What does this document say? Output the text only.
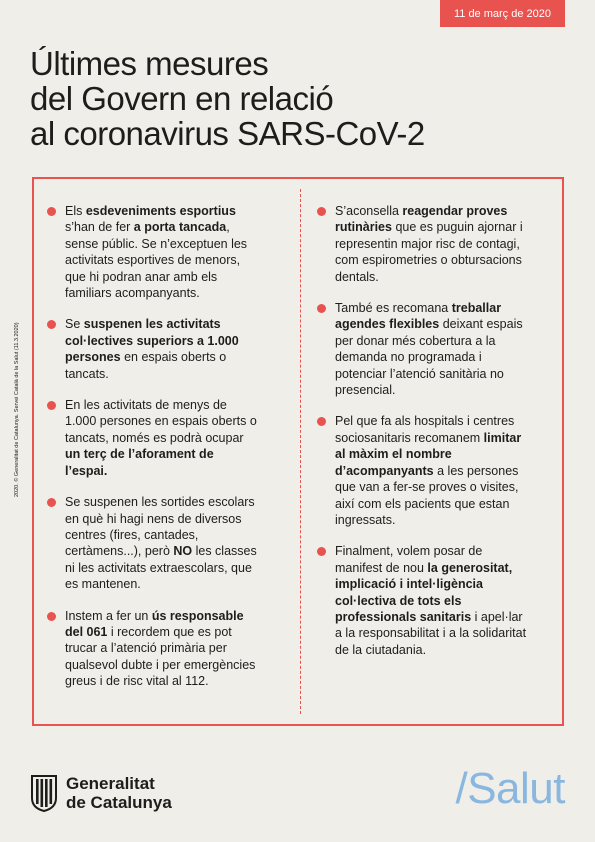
11 de març de 2020
Últimes mesures
del Govern en relació
al coronavirus SARS-CoV-2
Els esdeveniments esportius s’han de fer a porta tancada, sense públic. Se n’exceptuen les activitats esportives de menors, que hi podran anar amb els familiars acompanyants.
Se suspenen les activitats col·lectives superiors a 1.000 persones en espais oberts o tancats.
En les activitats de menys de 1.000 persones en espais oberts o tancats, només es podrà ocupar un terç de l’aforament de l’espai.
Se suspenen les sortides escolars en què hi hagi nens de diversos centres (fires, cantades, certàmens...), però NO les classes ni les activitats extraescolars, que es mantenen.
Instem a fer un ús responsable del 061 i recordem que es pot trucar a l’atenció primària per qualsevol dubte i per emergències greus i de risc vital al 112.
S’aconsella reagendar proves rutinàries que es puguin ajornar i representin major risc de contagi, com espirometries o obtursacions dentals.
També es recomana treballar agendes flexibles deixant espais per donar més cobertura a la demanda no programada i potenciar l’atenció sanitària no presencial.
Pel que fa als hospitals i centres sociosanitaris recomanem limitar al màxim el nombre d’acompanyants a les persones que van a fer-se proves o visites, així com els pacients que estan ingressats.
Finalment, volem posar de manifest de nou la generositat, implicació i intel·ligència col·lectiva de tots els professionals sanitaris i apel·lar a la responsabilitat i a la solidaritat de la ciutadania.
2020. © Generalitat de Catalunya. Servei Català de la Salut (11.3.2020)
Generalitat
de Catalunya	/Salut
